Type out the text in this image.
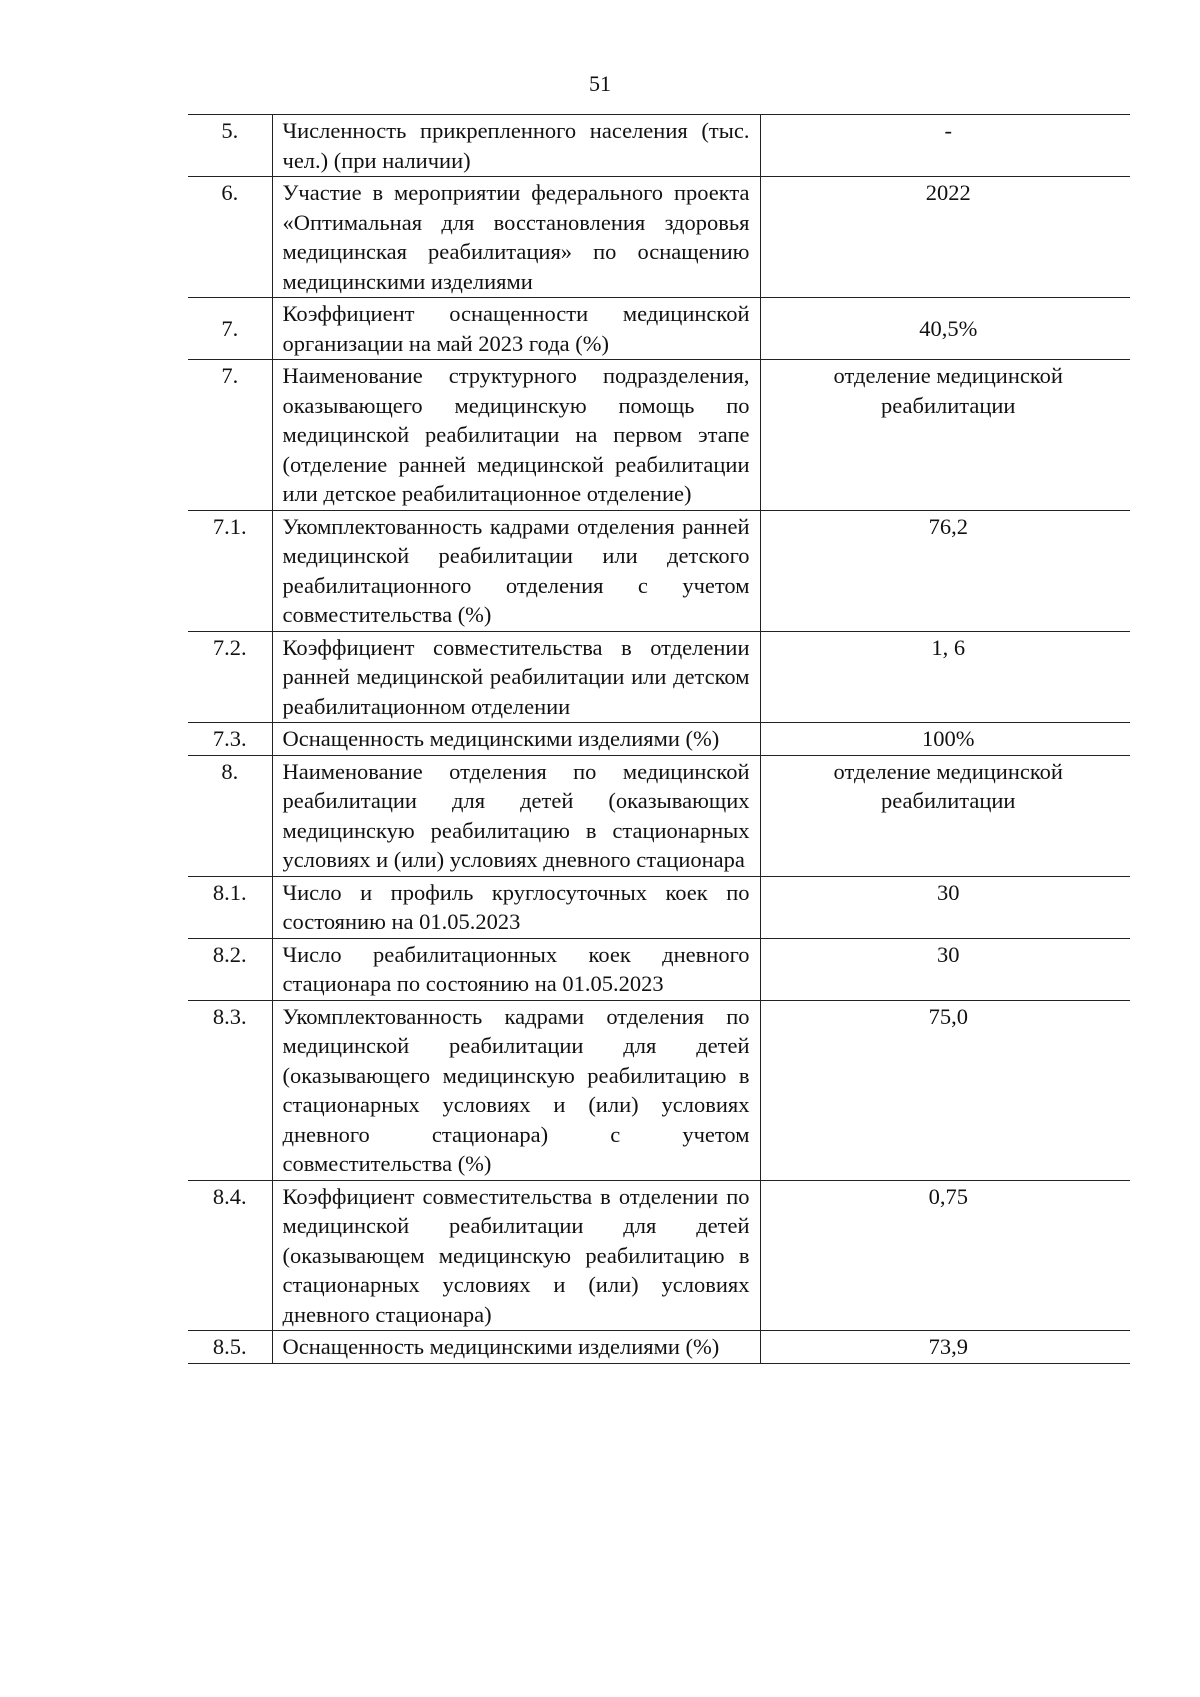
51
5.	Численность прикрепленного населения (тыс. чел.) (при наличии)	-
6.	Участие в мероприятии федерального проекта «Оптимальная для восстановления здоровья медицинская реабилитация» по оснащению медицинскими изделиями	2022
7.	Коэффициент оснащенности медицинской организации на май 2023 года (%)	40,5%
7.	Наименование структурного подразделения, оказывающего медицинскую помощь по медицинской реабилитации на первом этапе (отделение ранней медицинской реабилитации или детское реабилитационное отделение)	отделение медицинской реабилитации
7.1.	Укомплектованность кадрами отделения ранней медицинской реабилитации или детского реабилитационного отделения с учетом совместительства (%)	76,2
7.2.	Коэффициент совместительства в отделении ранней медицинской реабилитации или детском реабилитационном отделении	1, 6
7.3.	Оснащенность медицинскими изделиями (%)	100%
8.	Наименование отделения по медицинской реабилитации для детей (оказывающих медицинскую реабилитацию в стационарных условиях и (или) условиях дневного стационара	отделение медицинской реабилитации
8.1.	Число и профиль круглосуточных коек по состоянию на 01.05.2023	30
8.2.	Число реабилитационных коек дневного стационара по состоянию на 01.05.2023	30
8.3.	Укомплектованность кадрами отделения по медицинской реабилитации для детей (оказывающего медицинскую реабилитацию в стационарных условиях и (или) условиях дневного стационара) с учетом совместительства (%)	75,0
8.4.	Коэффициент совместительства в отделении по медицинской реабилитации для детей (оказывающем медицинскую реабилитацию в стационарных условиях и (или) условиях дневного стационара)	0,75
8.5.	Оснащенность медицинскими изделиями (%)	73,9
